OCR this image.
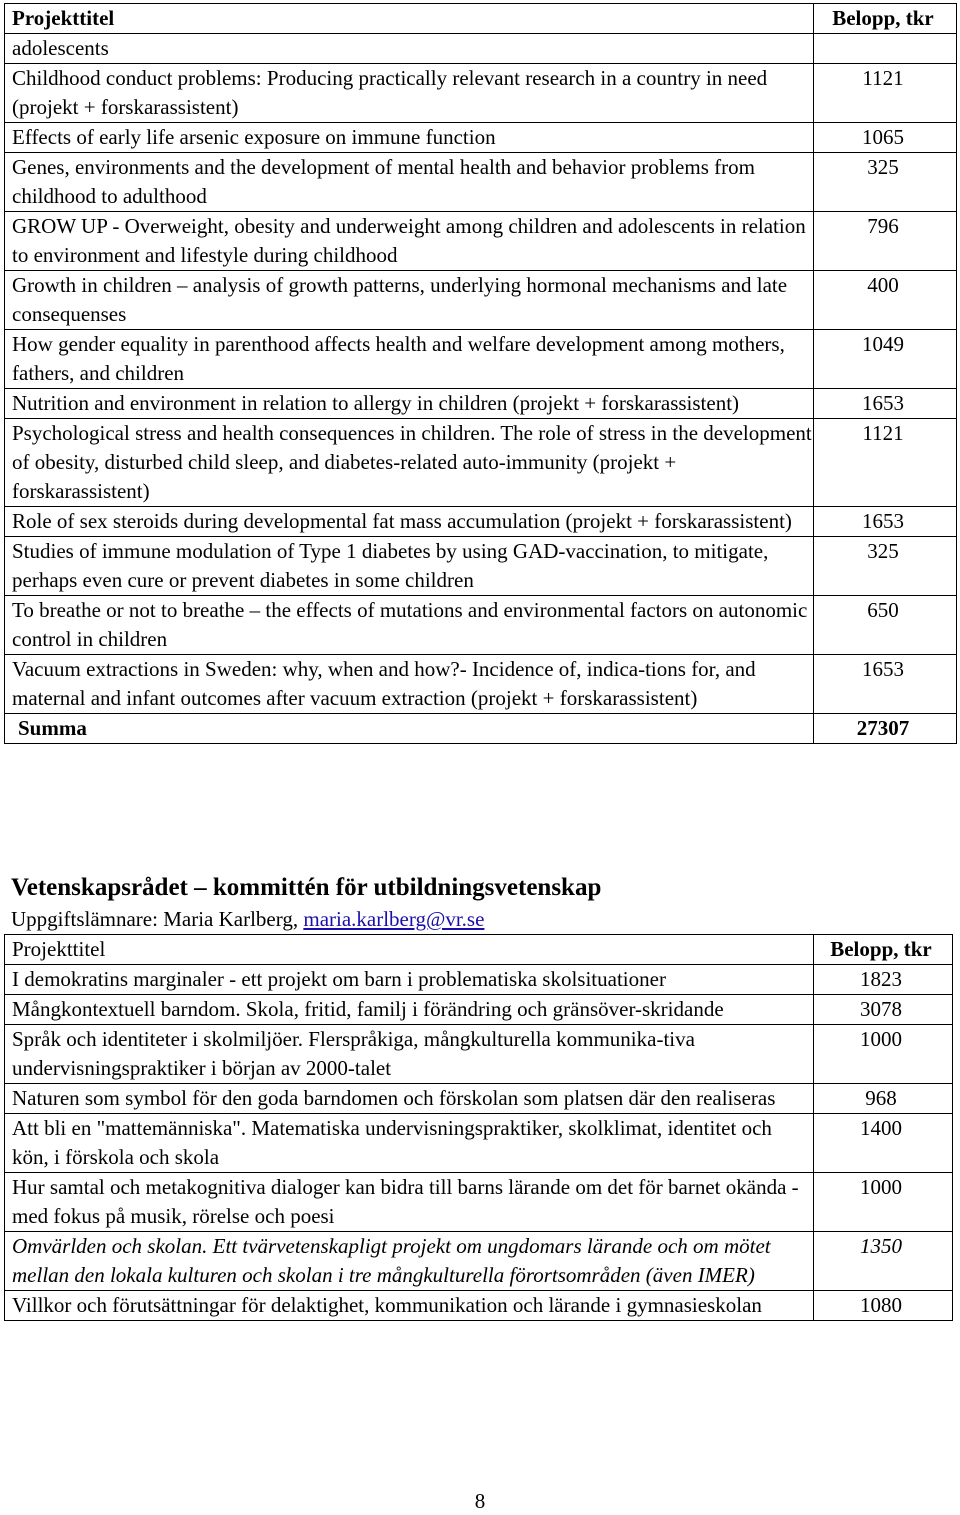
Projekttitel	Belopp, tkr
adolescents	
Childhood conduct problems: Producing practically relevant research in a country in need (projekt + forskarassistent)	1121
Effects of early life arsenic exposure on immune function	1065
Genes, environments and the development of mental health and behavior problems from childhood to adulthood	325
GROW UP - Overweight, obesity and underweight among children and adolescents in relation to environment and lifestyle during childhood	796
Growth in children – analysis of growth patterns, underlying hormonal mechanisms and late consequenses	400
How gender equality in parenthood affects health and welfare development among mothers, fathers, and children	1049
Nutrition and environment in relation to allergy in children (projekt + forskarassistent)	1653
Psychological stress and health consequences in children. The role of stress in the development of obesity, disturbed child sleep, and diabetes-related auto-immunity (projekt + forskarassistent)	1121
Role of sex steroids during developmental fat mass accumulation (projekt + forskarassistent)	1653
Studies of immune modulation of Type 1 diabetes by using GAD-vaccination, to mitigate, perhaps even cure or prevent diabetes in some children	325
To breathe or not to breathe – the effects of mutations and environmental factors on autonomic control in children	650
Vacuum extractions in Sweden: why, when and how?- Incidence of, indica-tions for, and maternal and infant outcomes after vacuum extraction (projekt + forskarassistent)	1653
Summa	27307
Vetenskapsrådet – kommittén för utbildningsvetenskap
Uppgiftslämnare: Maria Karlberg, maria.karlberg@vr.se
Projekttitel	Belopp, tkr
I demokratins marginaler - ett projekt om barn i problematiska skolsituationer	1823
Mångkontextuell barndom. Skola, fritid, familj i förändring och gränsöver-skridande	3078
Språk och identiteter i skolmiljöer. Flerspråkiga, mångkulturella kommunika-tiva undervisningspraktiker i början av 2000-talet	1000
Naturen som symbol för den goda barndomen och förskolan som platsen där den realiseras	968
Att bli en "mattemänniska". Matematiska undervisningspraktiker, skolklimat, identitet och kön, i förskola och skola	1400
Hur samtal och metakognitiva dialoger kan bidra till barns lärande om det för barnet okända - med fokus på musik, rörelse och poesi	1000
Omvärlden och skolan. Ett tvärvetenskapligt projekt om ungdomars lärande och om mötet mellan den lokala kulturen och skolan i tre mångkulturella förortsområden (även IMER)	1350
Villkor och förutsättningar för delaktighet, kommunikation och lärande i gymnasieskolan	1080
8
